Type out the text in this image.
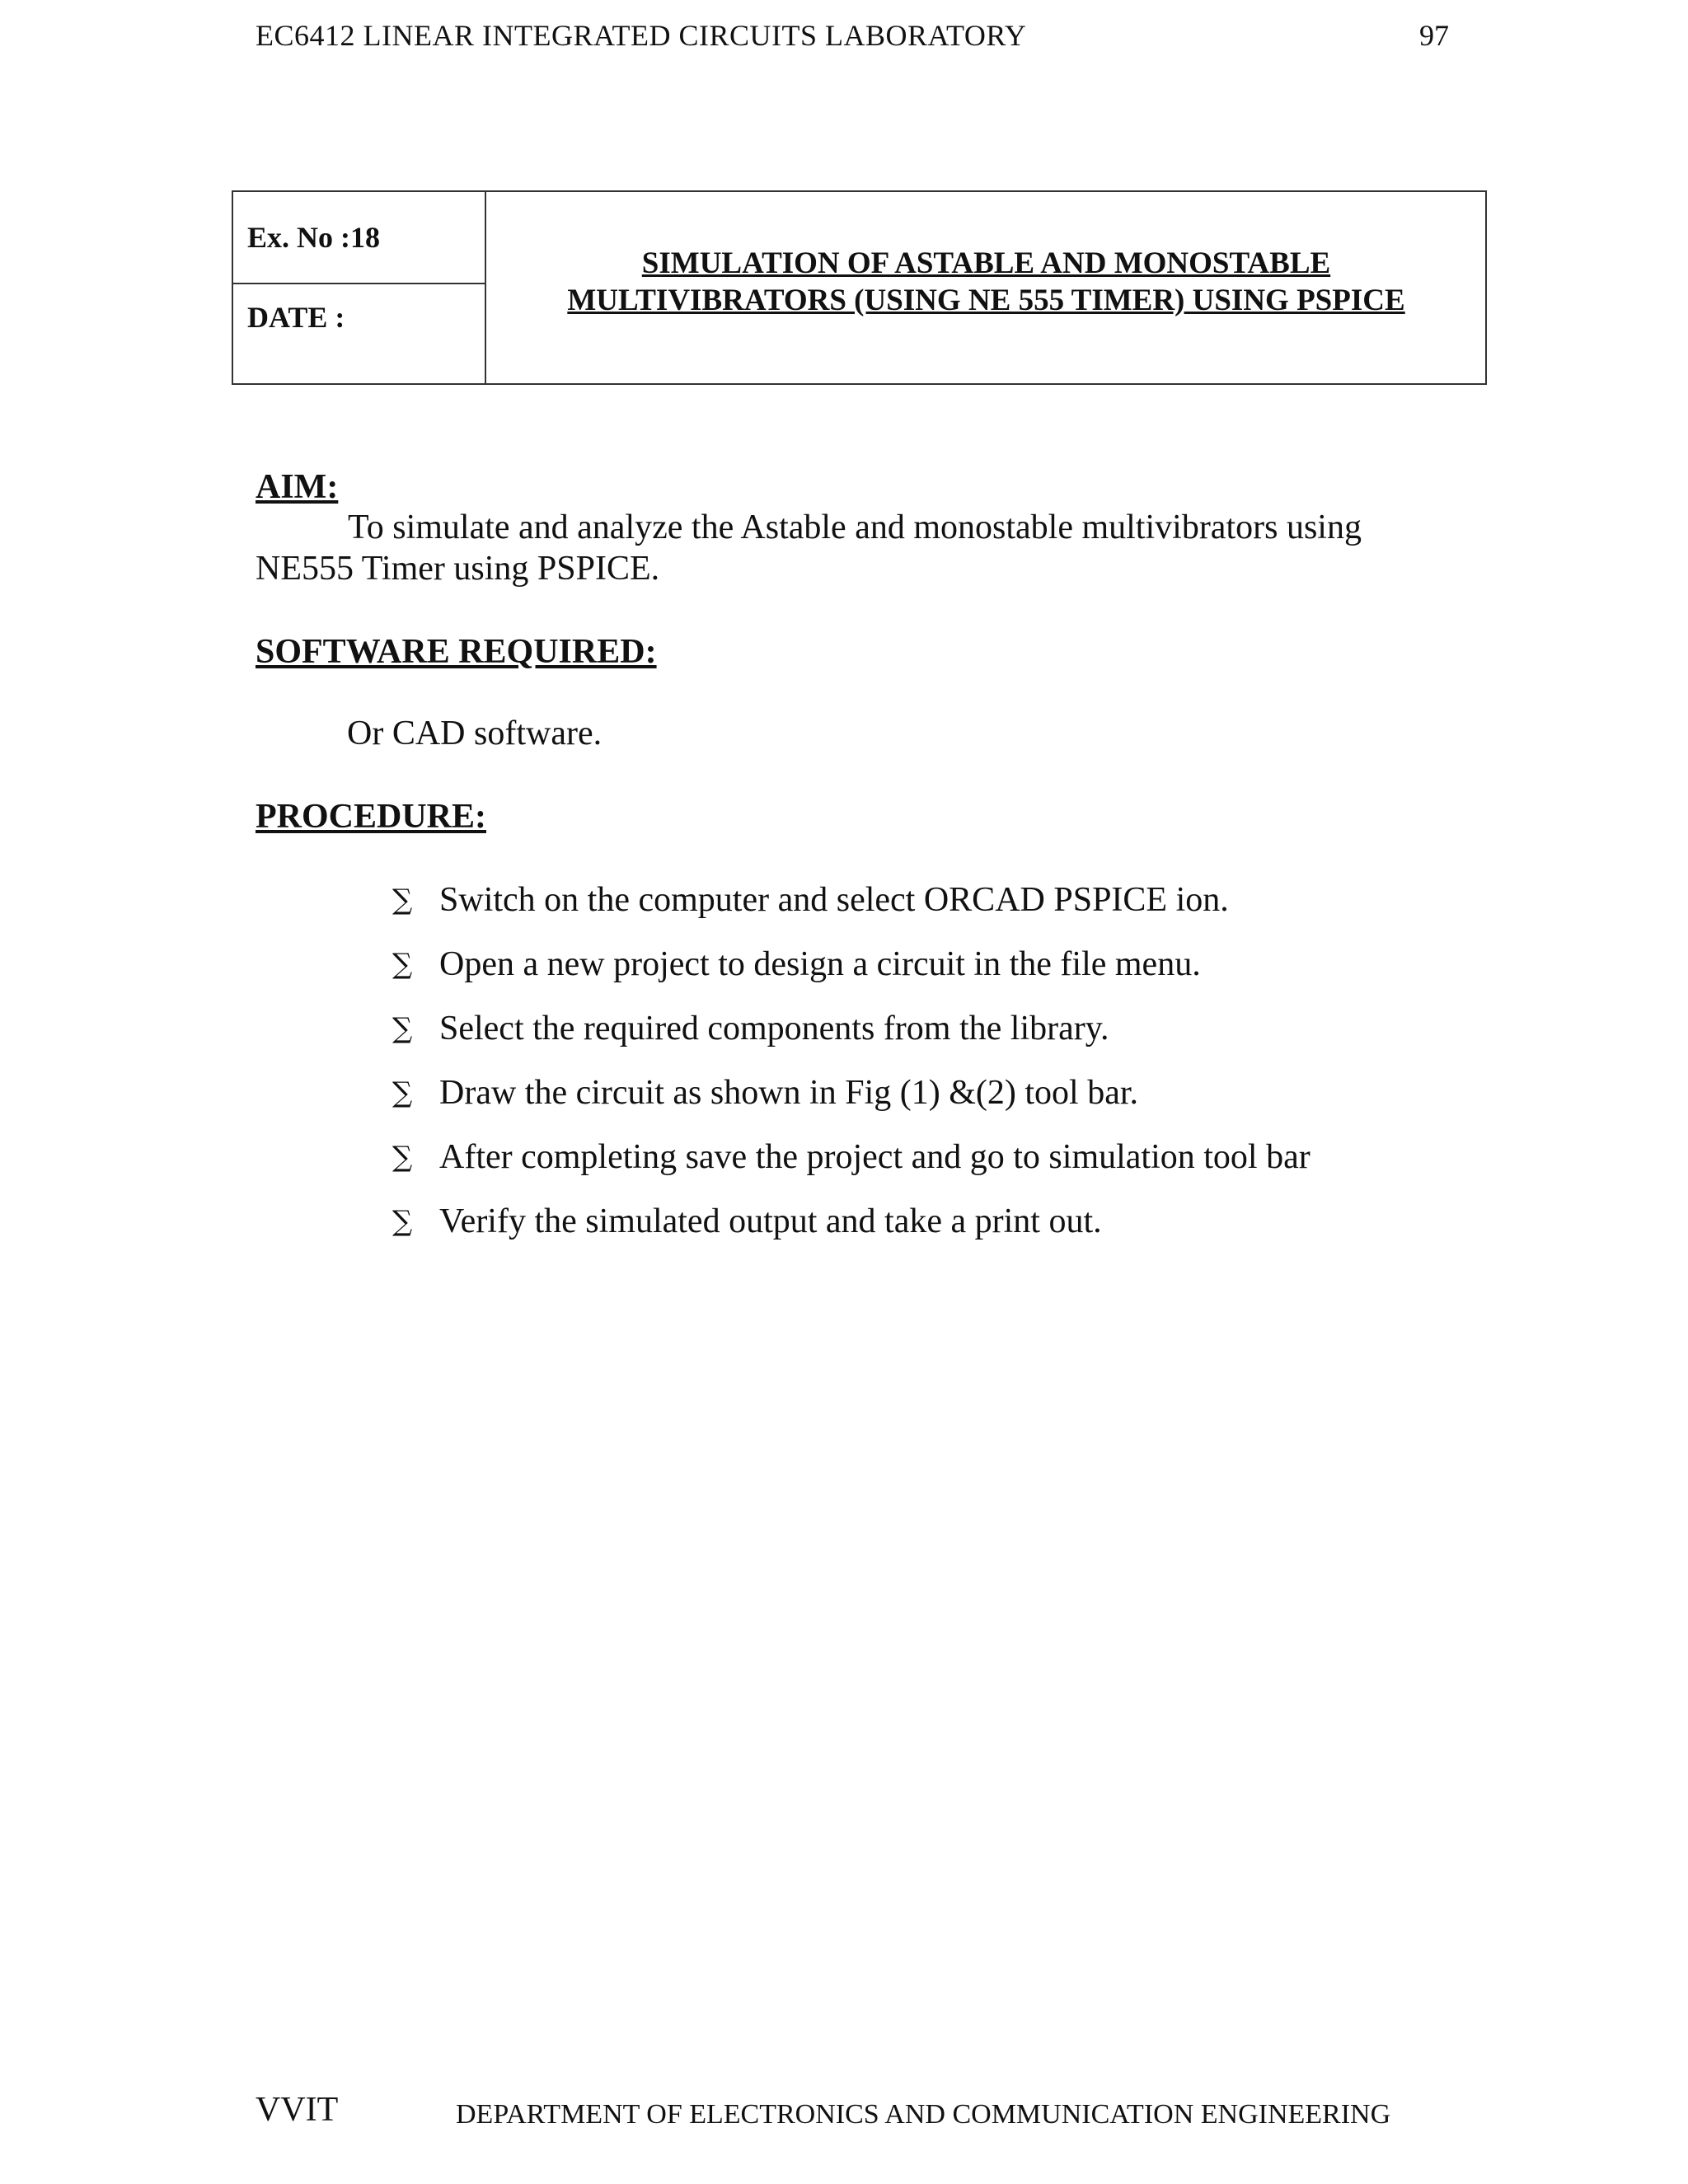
EC6412 LINEAR INTEGRATED CIRCUITS LABORATORY	97
Ex. No :18
DATE :
SIMULATION OF ASTABLE AND MONOSTABLE
MULTIVIBRATORS (USING NE 555 TIMER) USING PSPICE
AIM:
To simulate and analyze the Astable and monostable multivibrators using NE555 Timer using PSPICE.
SOFTWARE REQUIRED:
Or CAD software.
PROCEDURE:
∑ Switch on the computer and select ORCAD PSPICE ion.
∑ Open a new project to design a circuit in the file menu.
∑ Select the required components from the library.
∑ Draw the circuit as shown in Fig (1) &(2) tool bar.
∑ After completing save the project and go to simulation tool bar
∑ Verify the simulated output and take a print out.
VVIT	DEPARTMENT OF ELECTRONICS AND COMMUNICATION ENGINEERING
